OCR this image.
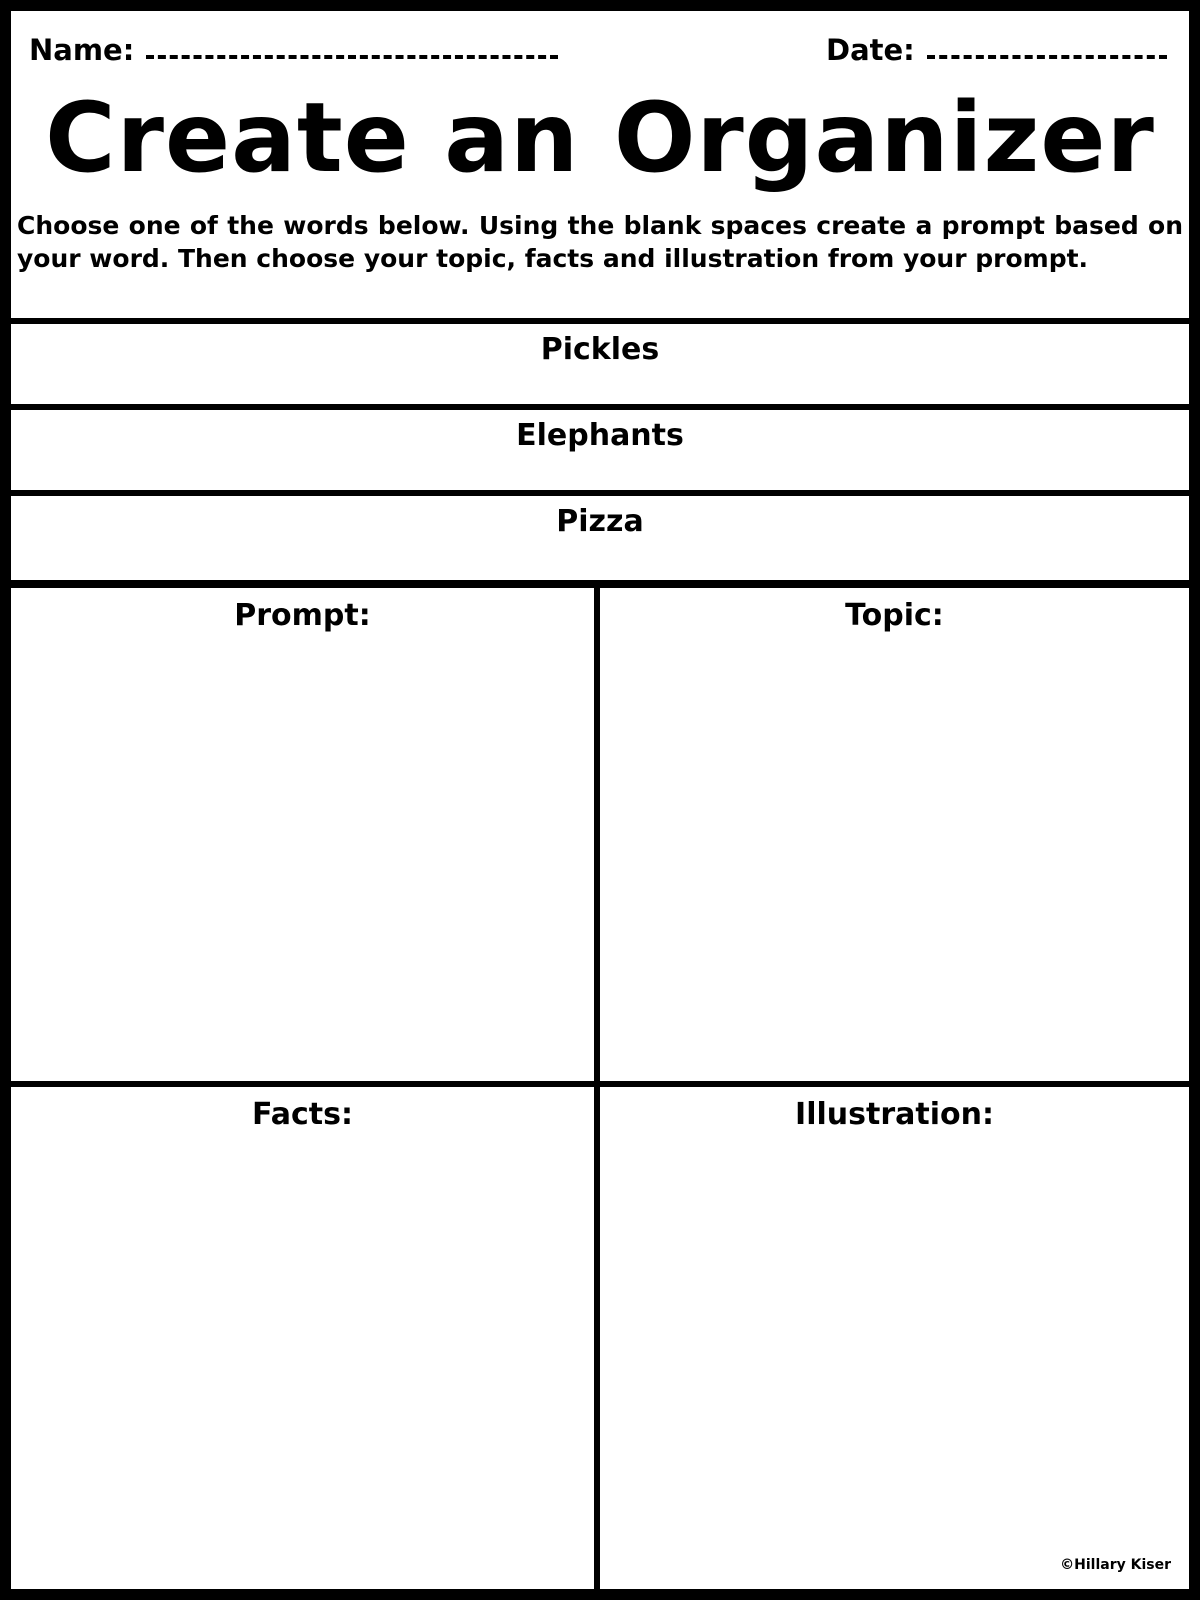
Name:	Date:
Create an Organizer
Choose one of the words below. Using the blank spaces create a prompt based on your word. Then choose your topic, facts and illustration from your prompt.
Pickles
Elephants
Pizza
Prompt:	Topic:
Facts:	Illustration:
©Hillary Kiser
